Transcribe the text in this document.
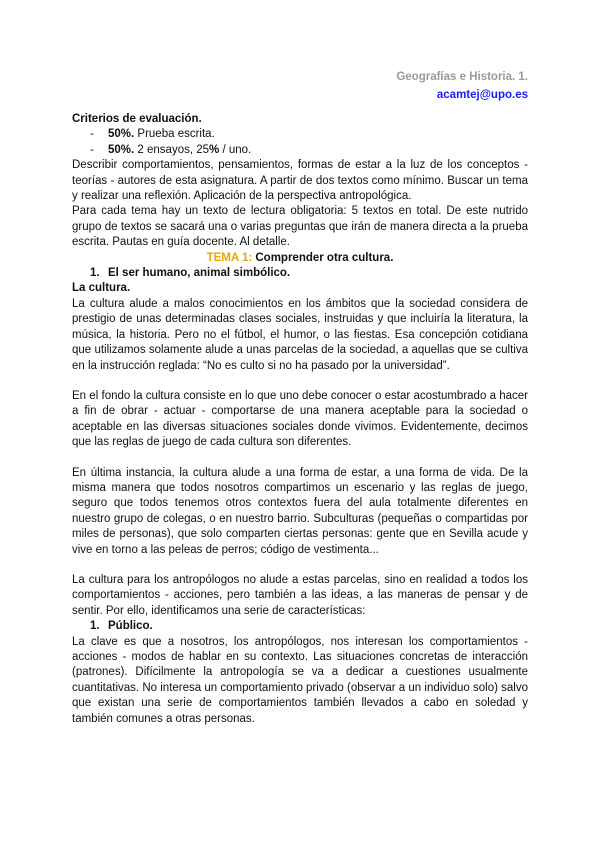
Geografías e Historia. 1.
acamtej@upo.es

Criterios de evaluación.

- 50%. Prueba escrita.
- 50%. 2 ensayos, 25% / uno.

Describir comportamientos, pensamientos, formas de estar a la luz de los conceptos - teorías - autores de esta asignatura. A partir de dos textos como mínimo. Buscar un tema y realizar una reflexión. Aplicación de la perspectiva antropológica.

Para cada tema hay un texto de lectura obligatoria: 5 textos en total. De este nutrido grupo de textos se sacará una o varias preguntas que irán de manera directa a la prueba escrita. Pautas en guía docente. Al detalle.

TEMA 1: Comprender otra cultura.

1. El ser humano, animal simbólico.

La cultura.

La cultura alude a malos conocimientos en los ámbitos que la sociedad considera de prestigio de unas determinadas clases sociales, instruidas y que incluiría la literatura, la música, la historia. Pero no el fútbol, el humor, o las fiestas. Esa concepción cotidiana que utilizamos solamente alude a unas parcelas de la sociedad, a aquellas que se cultiva en la instrucción reglada: “No es culto si no ha pasado por la universidad”.

En el fondo la cultura consiste en lo que uno debe conocer o estar acostumbrado a hacer a fin de obrar - actuar - comportarse de una manera aceptable para la sociedad o aceptable en las diversas situaciones sociales donde vivimos. Evidentemente, decimos que las reglas de juego de cada cultura son diferentes.

En última instancia, la cultura alude a una forma de estar, a una forma de vida. De la misma manera que todos nosotros compartimos un escenario y las reglas de juego, seguro que todos tenemos otros contextos fuera del aula totalmente diferentes en nuestro grupo de colegas, o en nuestro barrio. Subculturas (pequeñas o compartidas por miles de personas), que solo comparten ciertas personas: gente que en Sevilla acude y vive en torno a las peleas de perros; código de vestimenta...

La cultura para los antropólogos no alude a estas parcelas, sino en realidad a todos los comportamientos - acciones, pero también a las ideas, a las maneras de pensar y de sentir. Por ello, identificamos una serie de características:

1. Público.

La clave es que a nosotros, los antropólogos, nos interesan los comportamientos - acciones - modos de hablar en su contexto. Las situaciones concretas de interacción (patrones). Difícilmente la antropología se va a dedicar a cuestiones usualmente cuantitativas. No interesa un comportamiento privado (observar a un individuo solo) salvo que existan una serie de comportamientos también llevados a cabo en soledad y también comunes a otras personas.
